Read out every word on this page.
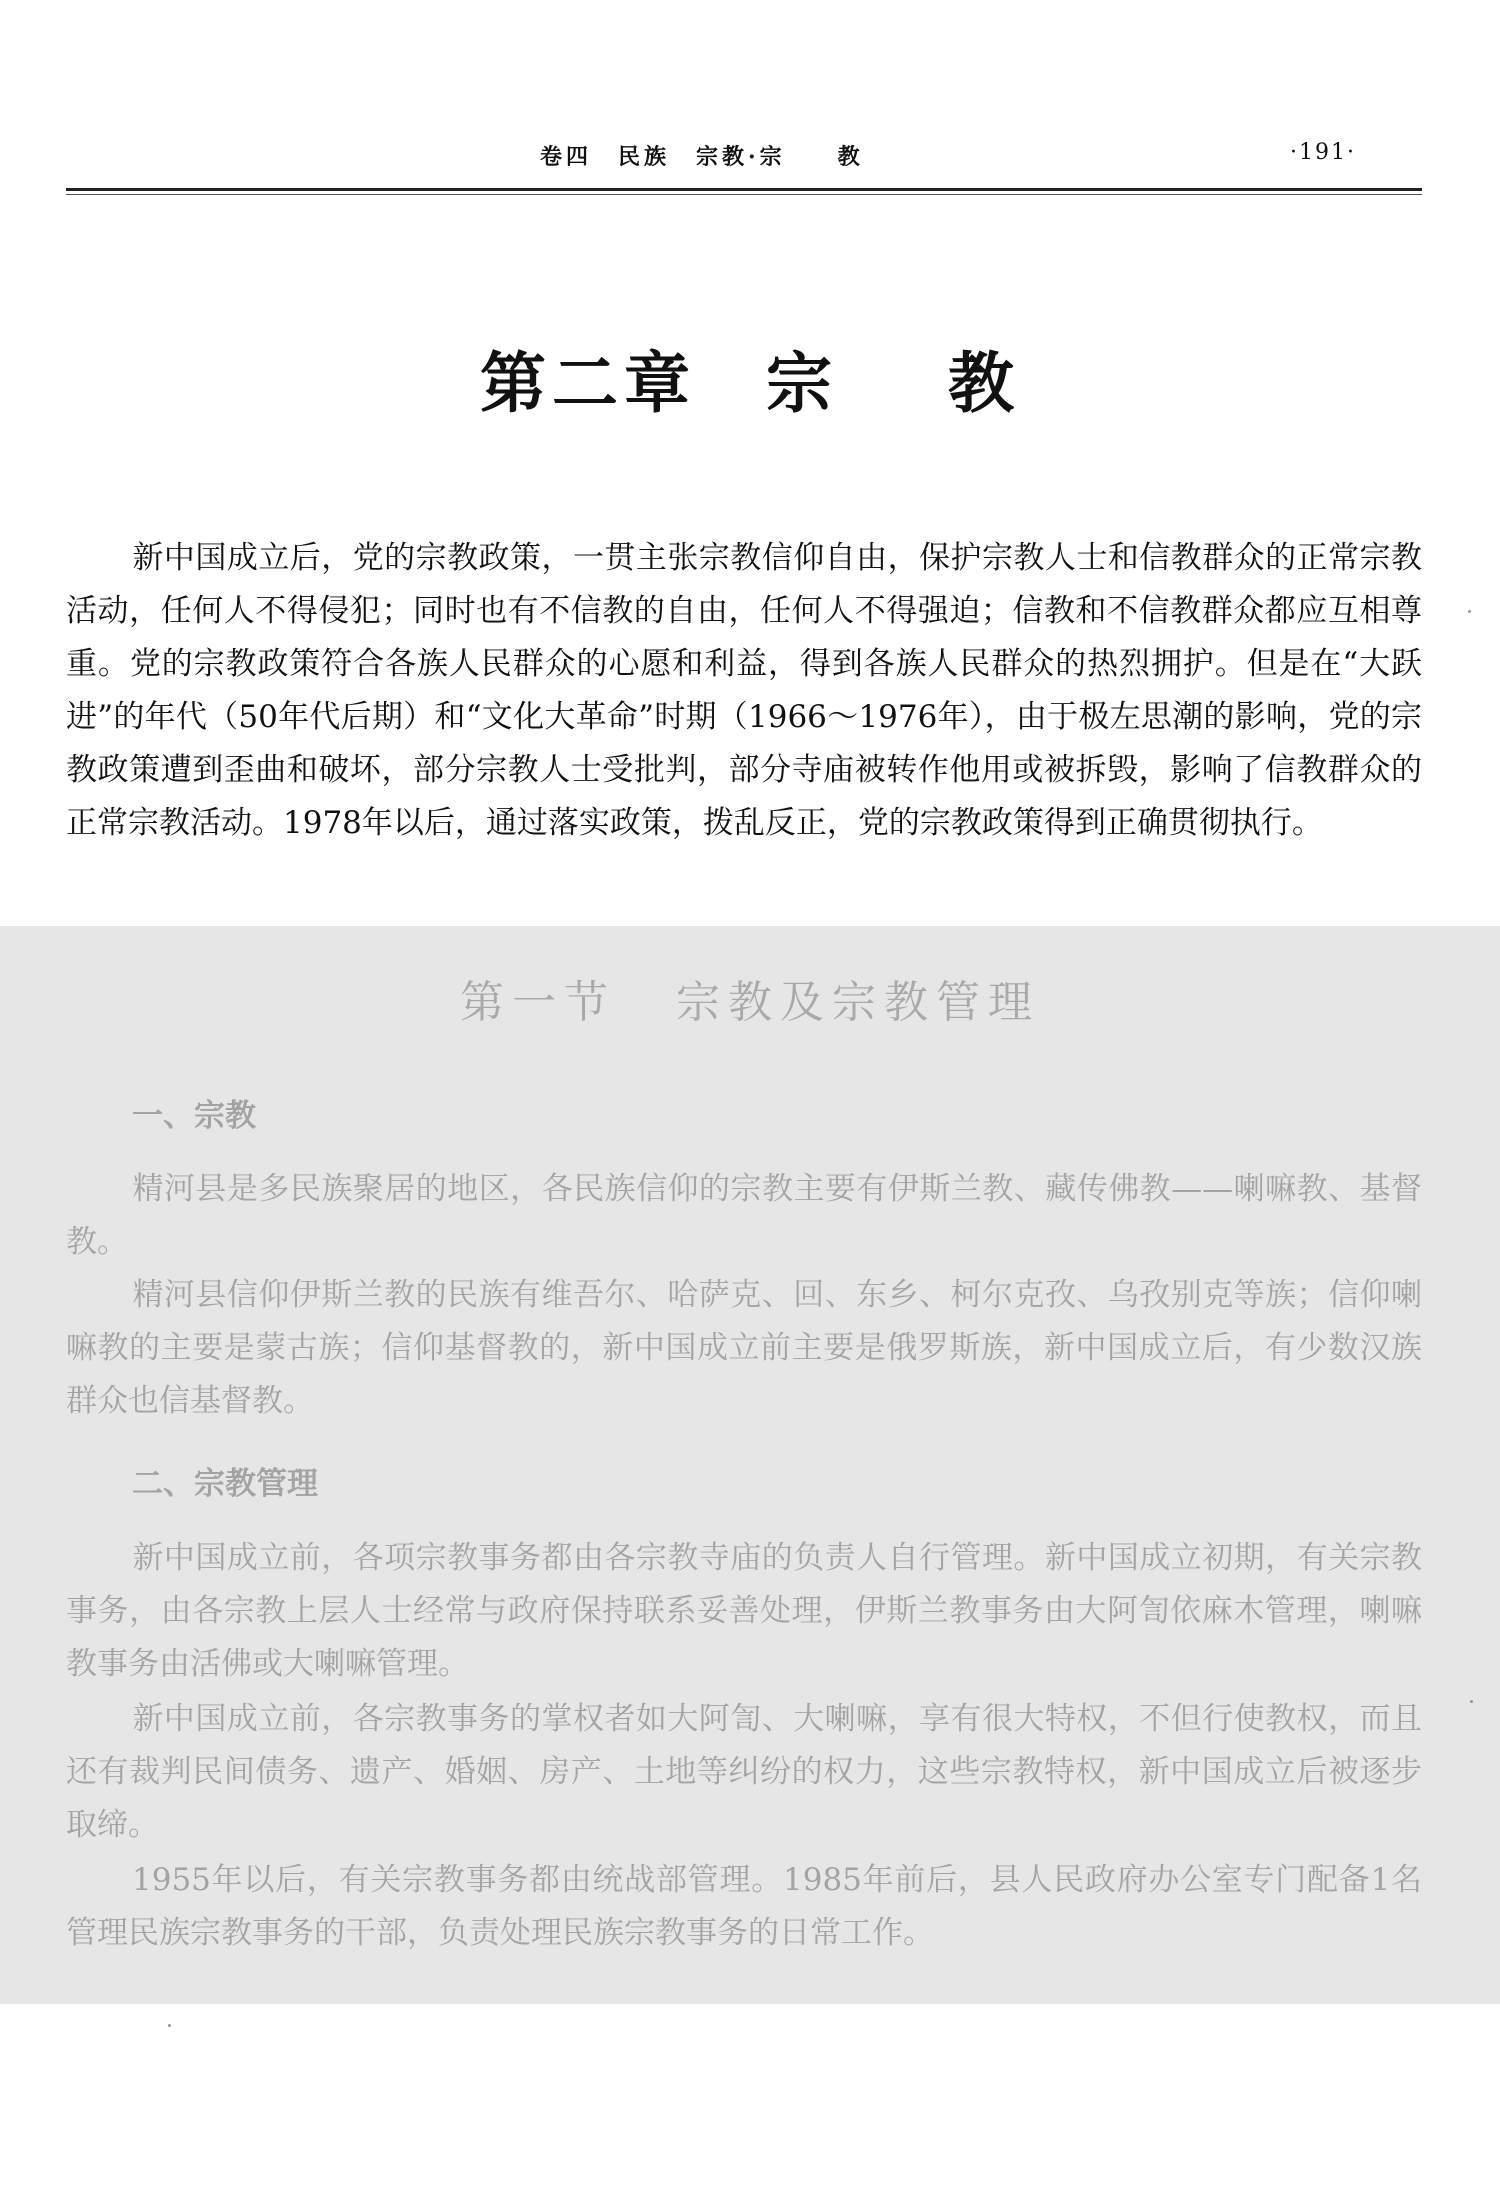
卷四　民族　宗教·宗　　教	·191·
第二章 宗 教

新中国成立后，党的宗教政策，一贯主张宗教信仰自由，保护宗教人士和信教群众的正常宗教活动，任何人不得侵犯；同时也有不信教的自由，任何人不得强迫；信教和不信教群众都应互相尊重。党的宗教政策符合各族人民群众的心愿和利益，得到各族人民群众的热烈拥护。但是在“大跃进”的年代（50年代后期）和“文化大革命”时期（1966～1976年），由于极左思潮的影响，党的宗教政策遭到歪曲和破坏，部分宗教人士受批判，部分寺庙被转作他用或被拆毁，影响了信教群众的正常宗教活动。1978年以后，通过落实政策，拨乱反正，党的宗教政策得到正确贯彻执行。

第一节 宗教及宗教管理
一、宗教

精河县是多民族聚居的地区，各民族信仰的宗教主要有伊斯兰教、藏传佛教——喇嘛教、基督教。

精河县信仰伊斯兰教的民族有维吾尔、哈萨克、回、东乡、柯尔克孜、乌孜别克等族；信仰喇嘛教的主要是蒙古族；信仰基督教的，新中国成立前主要是俄罗斯族，新中国成立后，有少数汉族群众也信基督教。

二、宗教管理

新中国成立前，各项宗教事务都由各宗教寺庙的负责人自行管理。新中国成立初期，有关宗教事务，由各宗教上层人士经常与政府保持联系妥善处理，伊斯兰教事务由大阿訇依麻木管理，喇嘛教事务由活佛或大喇嘛管理。

新中国成立前，各宗教事务的掌权者如大阿訇、大喇嘛，享有很大特权，不但行使教权，而且还有裁判民间债务、遗产、婚姻、房产、土地等纠纷的权力，这些宗教特权，新中国成立后被逐步取缔。

1955年以后，有关宗教事务都由统战部管理。1985年前后，县人民政府办公室专门配备1名管理民族宗教事务的干部，负责处理民族宗教事务的日常工作。
